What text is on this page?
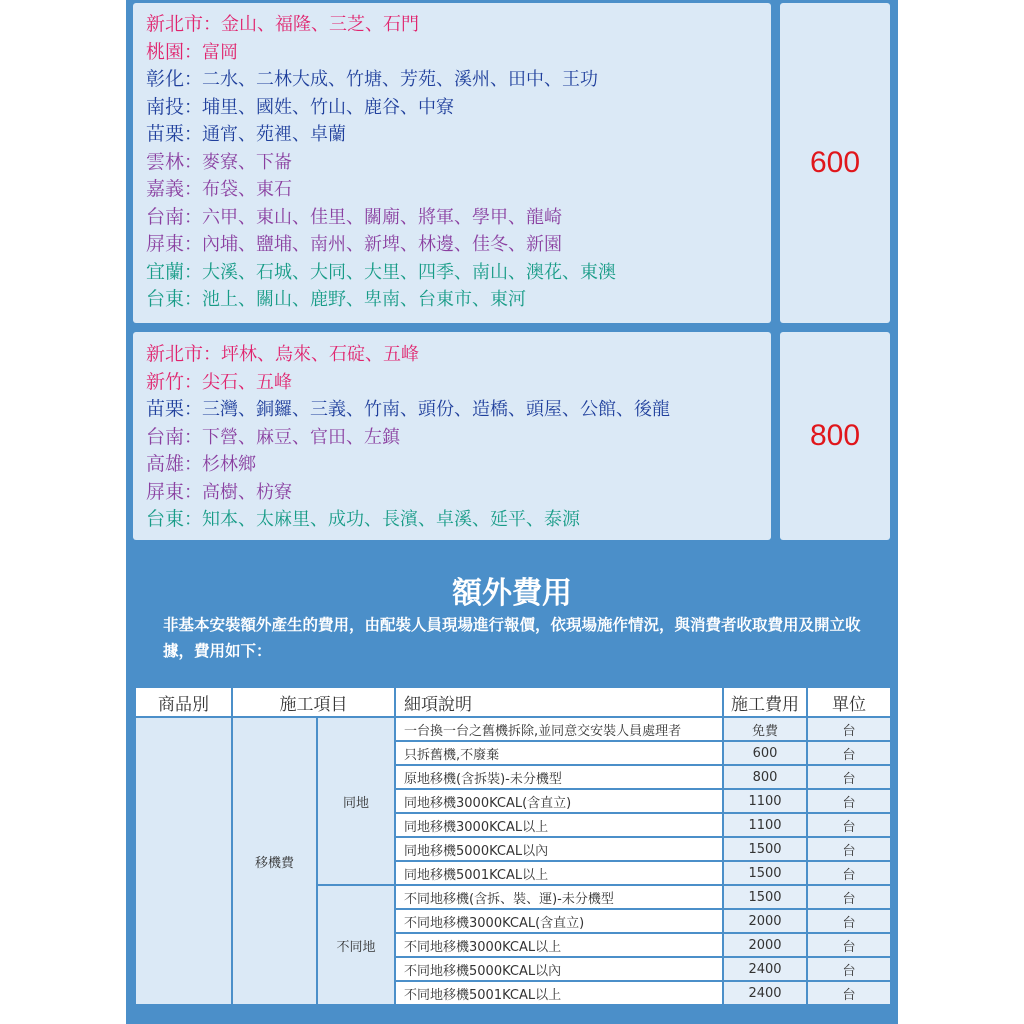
新北市：金山、福隆、三芝、石門
桃園：富岡
彰化：二水、二林大成、竹塘、芳苑、溪州、田中、王功
南投：埔里、國姓、竹山、鹿谷、中寮
苗栗：通宵、苑裡、卓蘭
雲林：麥寮、下崙
嘉義：布袋、東石
台南：六甲、東山、佳里、關廟、將軍、學甲、龍崎
屏東：內埔、鹽埔、南州、新埤、林邊、佳冬、新園
宜蘭：大溪、石城、大同、大里、四季、南山、澳花、東澳
台東：池上、關山、鹿野、卑南、台東市、東河
600
新北市：坪林、烏來、石碇、五峰
新竹：尖石、五峰
苗栗：三灣、銅鑼、三義、竹南、頭份、造橋、頭屋、公館、後龍
台南：下營、麻豆、官田、左鎮
高雄：杉林鄉
屏東：高樹、枋寮
台東：知本、太麻里、成功、長濱、卓溪、延平、泰源
800
額外費用
非基本安裝額外產生的費用，由配裝人員現場進行報價，依現場施作情況，與消費者收取費用及開立收據，費用如下：
商品別	施工項目		細項說明	施工費用	單位
	移機費	同地	一台換一台之舊機拆除,並同意交安裝人員處理者	免費	台
			只拆舊機,不廢棄	600	台
			原地移機(含拆裝)-未分機型	800	台
			同地移機3000KCAL(含直立)	1100	台
			同地移機3000KCAL以上	1100	台
			同地移機5000KCAL以內	1500	台
			同地移機5001KCAL以上	1500	台
		不同地	不同地移機(含拆、裝、運)-未分機型	1500	台
			不同地移機3000KCAL(含直立)	2000	台
			不同地移機3000KCAL以上	2000	台
			不同地移機5000KCAL以內	2400	台
			不同地移機5001KCAL以上	2400	台
